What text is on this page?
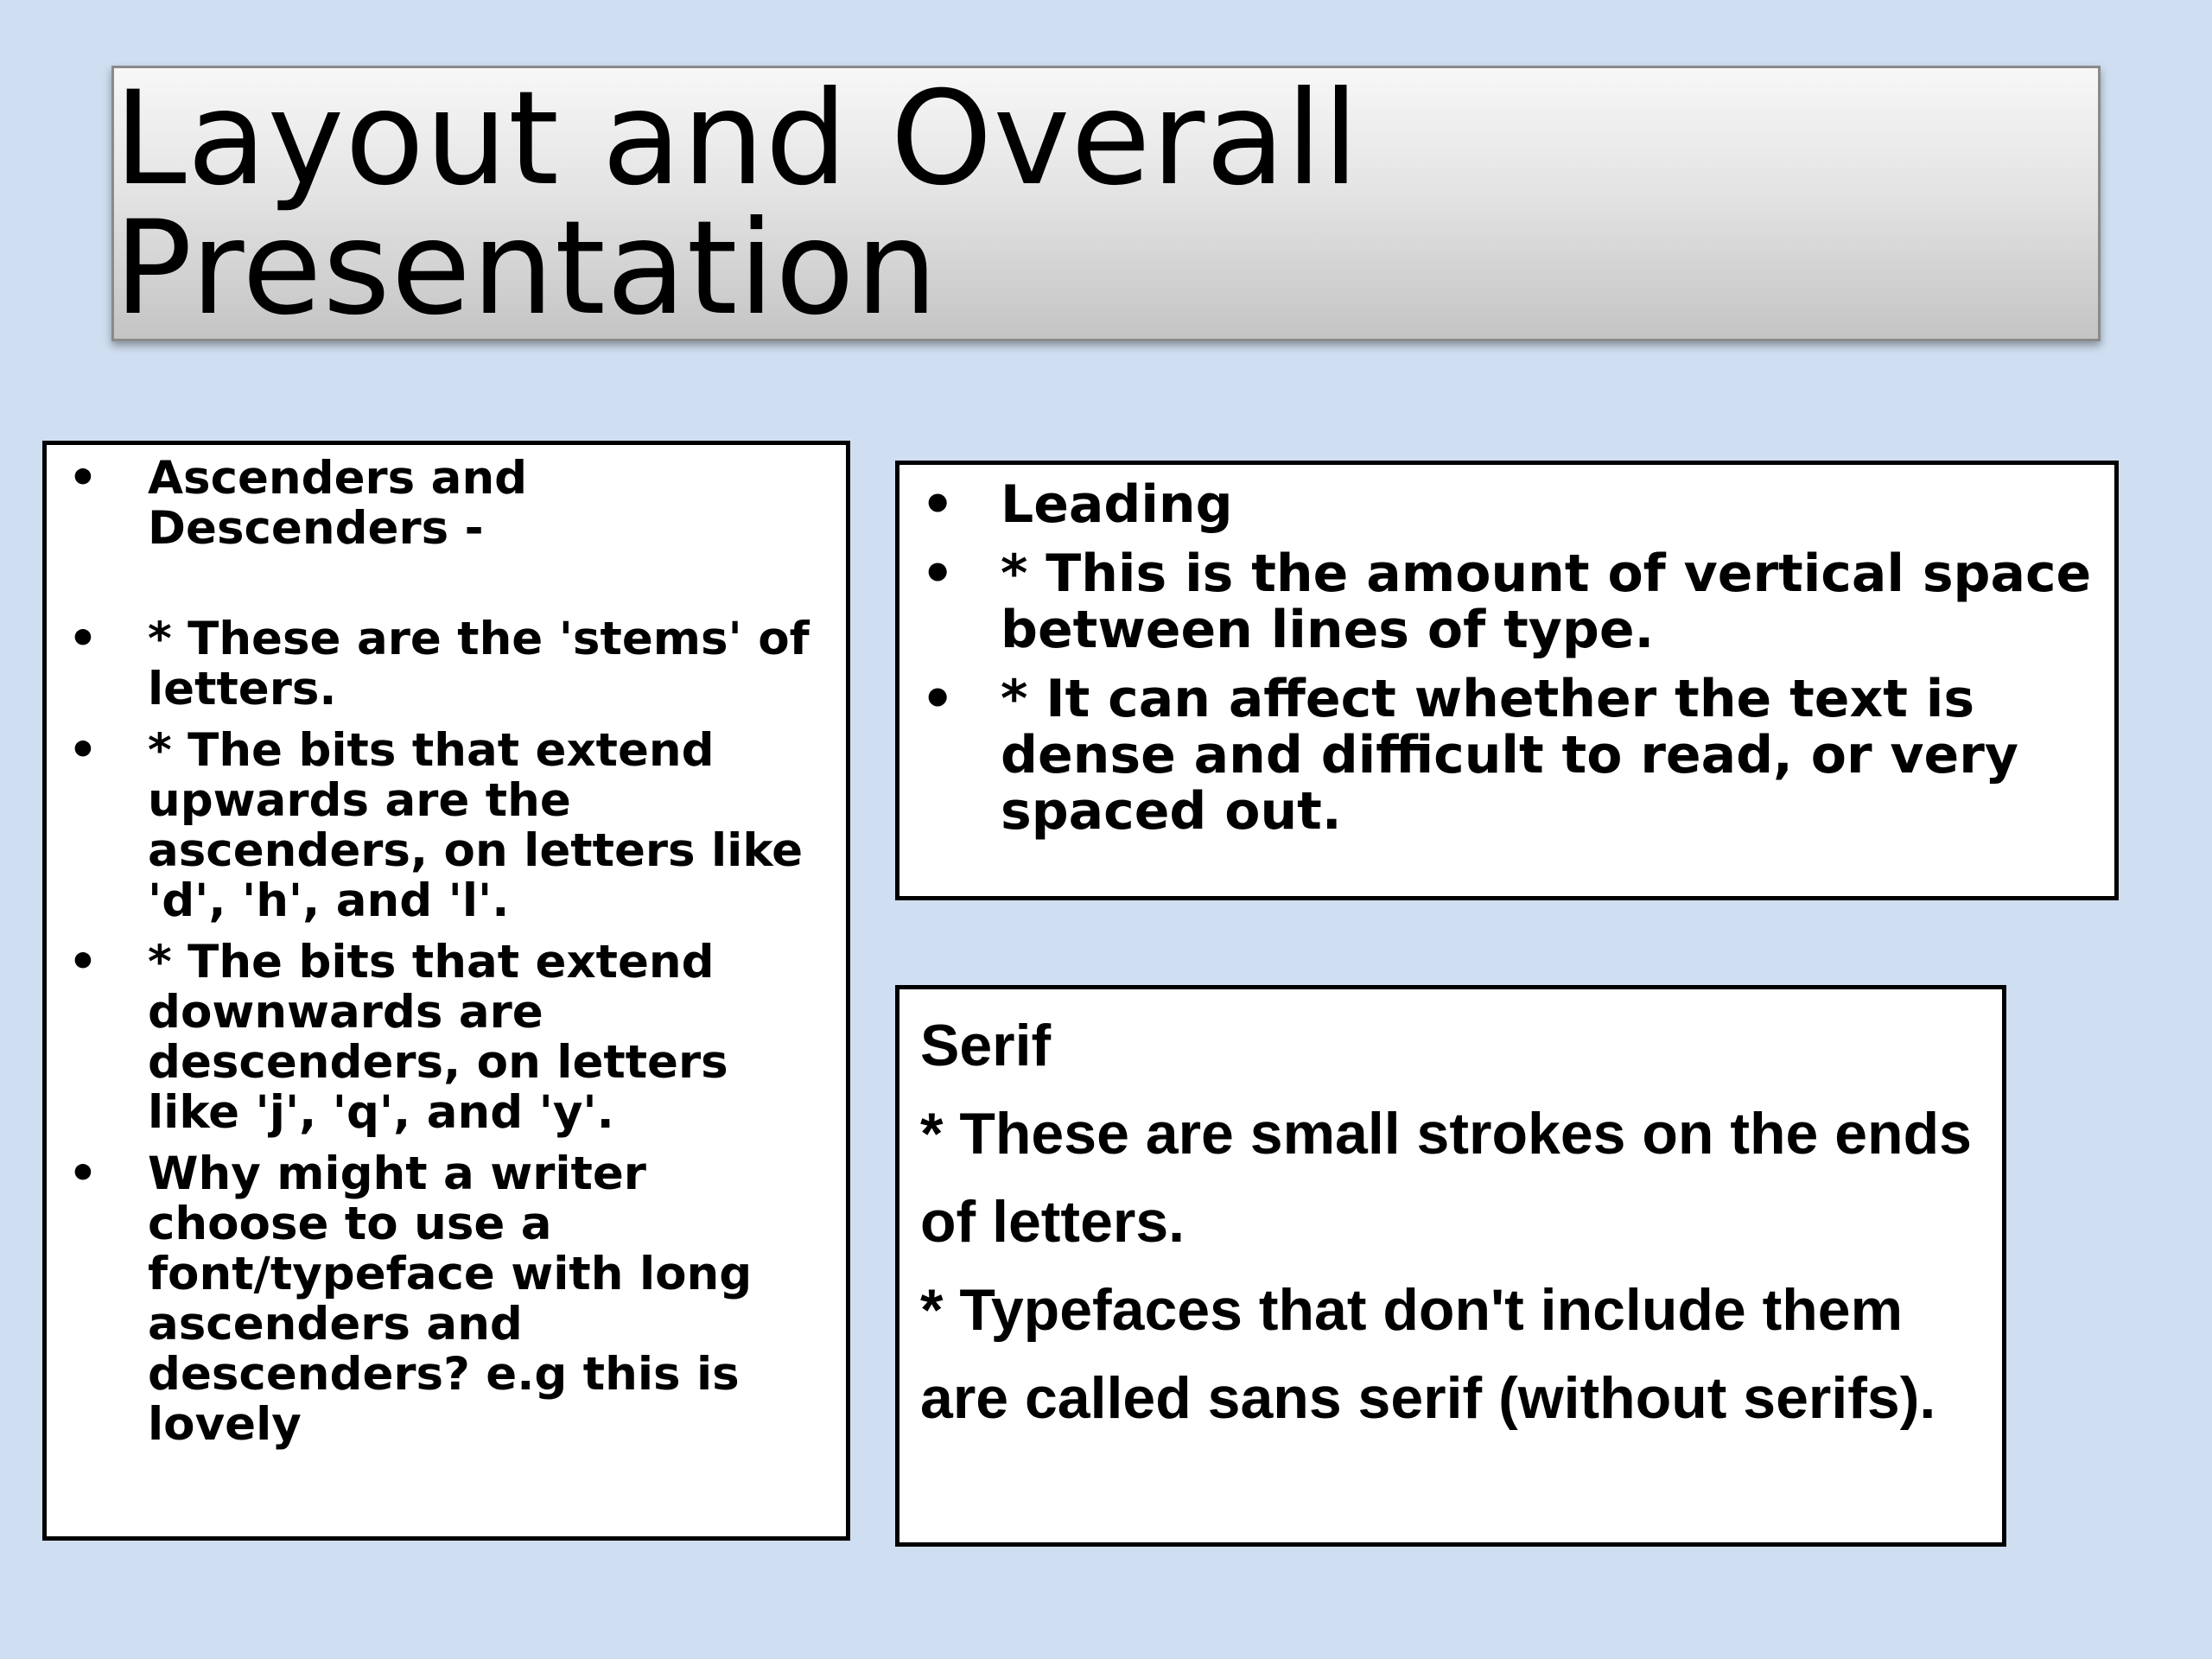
Layout and Overall Presentation
• Ascenders and Descenders -
• * These are the 'stems' of letters.
• * The bits that extend upwards are the ascenders, on letters like 'd', 'h', and 'l'.
• * The bits that extend downwards are descenders, on letters like 'j', 'q', and 'y'.
• Why might a writer choose to use a font/typeface with long ascenders and descenders? e.g this is lovely
• Leading
• * This is the amount of vertical space between lines of type.
• * It can affect whether the text is dense and difficult to read, or very spaced out.

Serif

* These are small strokes on the ends of letters.

* Typefaces that don't include them are called sans serif (without serifs).
